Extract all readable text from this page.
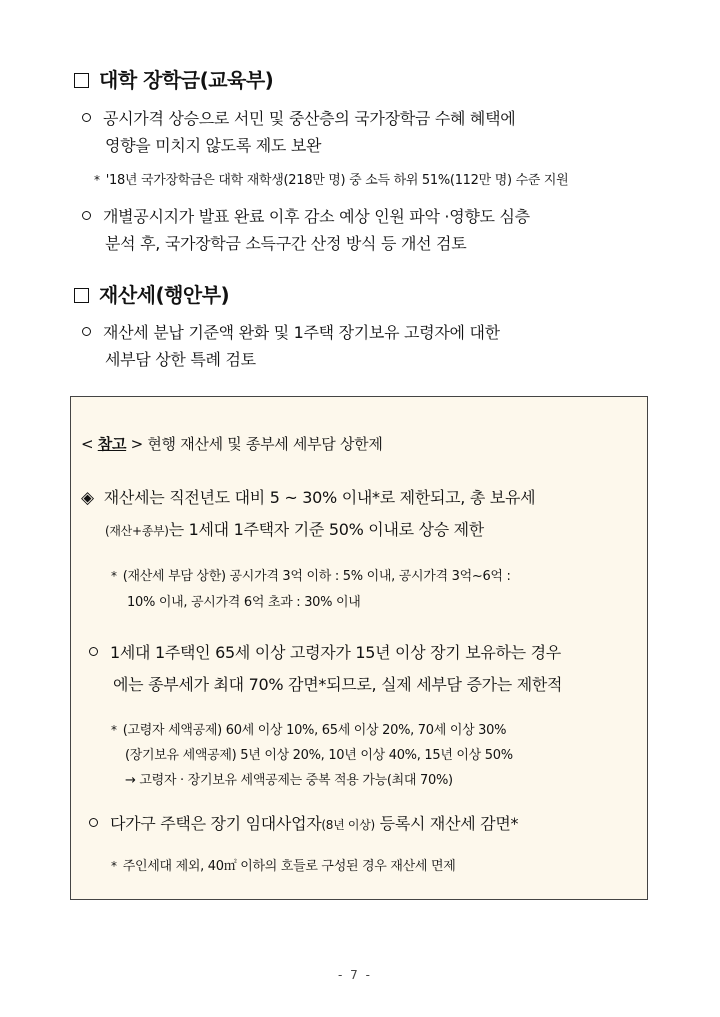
대학 장학금(교육부)
공시가격 상승으로 서민 및 중산층의 국가장학금 수혜 혜택에
영향을 미치지 않도록 제도 보완
* '18년 국가장학금은 대학 재학생(218만 명) 중 소득 하위 51%(112만 명) 수준 지원
개별공시지가 발표 완료 이후 감소 예상 인원 파악 ·영향도 심층
분석 후, 국가장학금 소득구간 산정 방식 등 개선 검토
재산세(행안부)
재산세 분납 기준액 완화 및 1주택 장기보유 고령자에 대한
세부담 상한 특례 검토
< 참고 > 현행 재산세 및 종부세 세부담 상한제
◈ 재산세는 직전년도 대비 5 ~ 30% 이내*로 제한되고, 총 보유세
(재산+종부)는 1세대 1주택자 기준 50% 이내로 상승 제한
* (재산세 부담 상한) 공시가격 3억 이하 : 5% 이내, 공시가격 3억~6억 :
10% 이내, 공시가격 6억 초과 : 30% 이내
1세대 1주택인 65세 이상 고령자가 15년 이상 장기 보유하는 경우
에는 종부세가 최대 70% 감면*되므로, 실제 세부담 증가는 제한적
* (고령자 세액공제) 60세 이상 10%, 65세 이상 20%, 70세 이상 30%
(장기보유 세액공제) 5년 이상 20%, 10년 이상 40%, 15년 이상 50%
→ 고령자 · 장기보유 세액공제는 중복 적용 가능(최대 70%)
다가구 주택은 장기 임대사업자(8년 이상) 등록시 재산세 감면*
* 주인세대 제외, 40㎡ 이하의 호들로 구성된 경우 재산세 면제
- 7 -
